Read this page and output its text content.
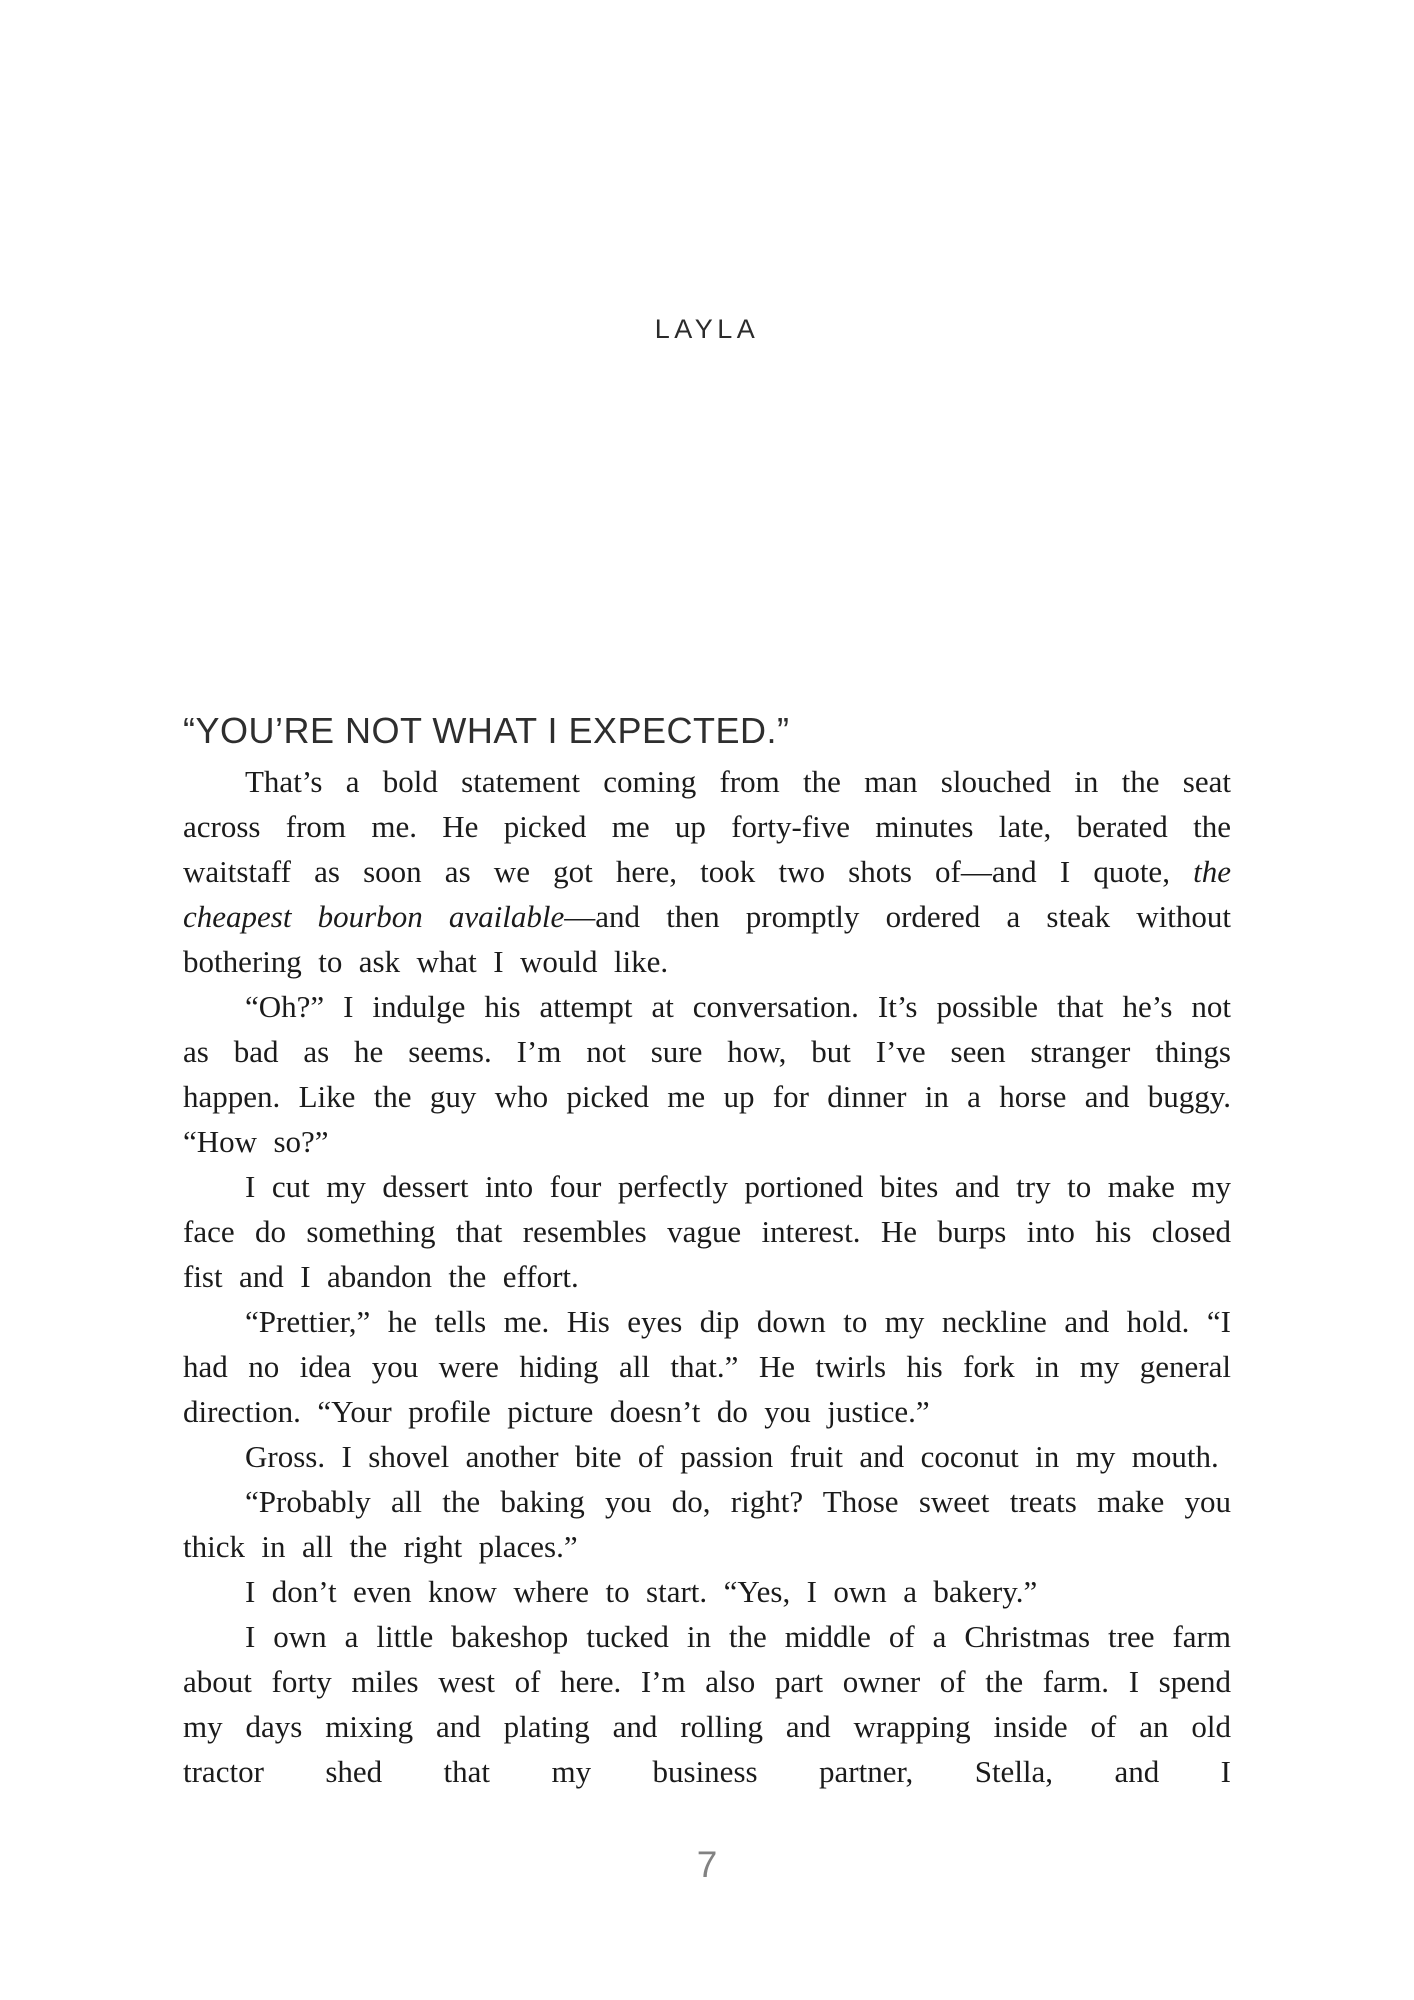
LAYLA

“YOU’RE NOT WHAT I EXPECTED.”

That’s a bold statement coming from the man slouched in the seat across from me. He picked me up forty-five minutes late, berated the waitstaff as soon as we got here, took two shots of—and I quote, the cheapest bourbon available—and then promptly ordered a steak without bothering to ask what I would like.

“Oh?” I indulge his attempt at conversation. It’s possible that he’s not as bad as he seems. I’m not sure how, but I’ve seen stranger things happen. Like the guy who picked me up for dinner in a horse and buggy. “How so?”

I cut my dessert into four perfectly portioned bites and try to make my face do something that resembles vague interest. He burps into his closed fist and I abandon the effort.

“Prettier,” he tells me. His eyes dip down to my neckline and hold. “I had no idea you were hiding all that.” He twirls his fork in my general direction. “Your profile picture doesn’t do you justice.”

Gross. I shovel another bite of passion fruit and coconut in my mouth.

“Probably all the baking you do, right? Those sweet treats make you thick in all the right places.”

I don’t even know where to start. “Yes, I own a bakery.”

I own a little bakeshop tucked in the middle of a Christmas tree farm about forty miles west of here. I’m also part owner of the farm. I spend my days mixing and plating and rolling and wrapping inside of an old tractor shed that my business partner, Stella, and I

7
